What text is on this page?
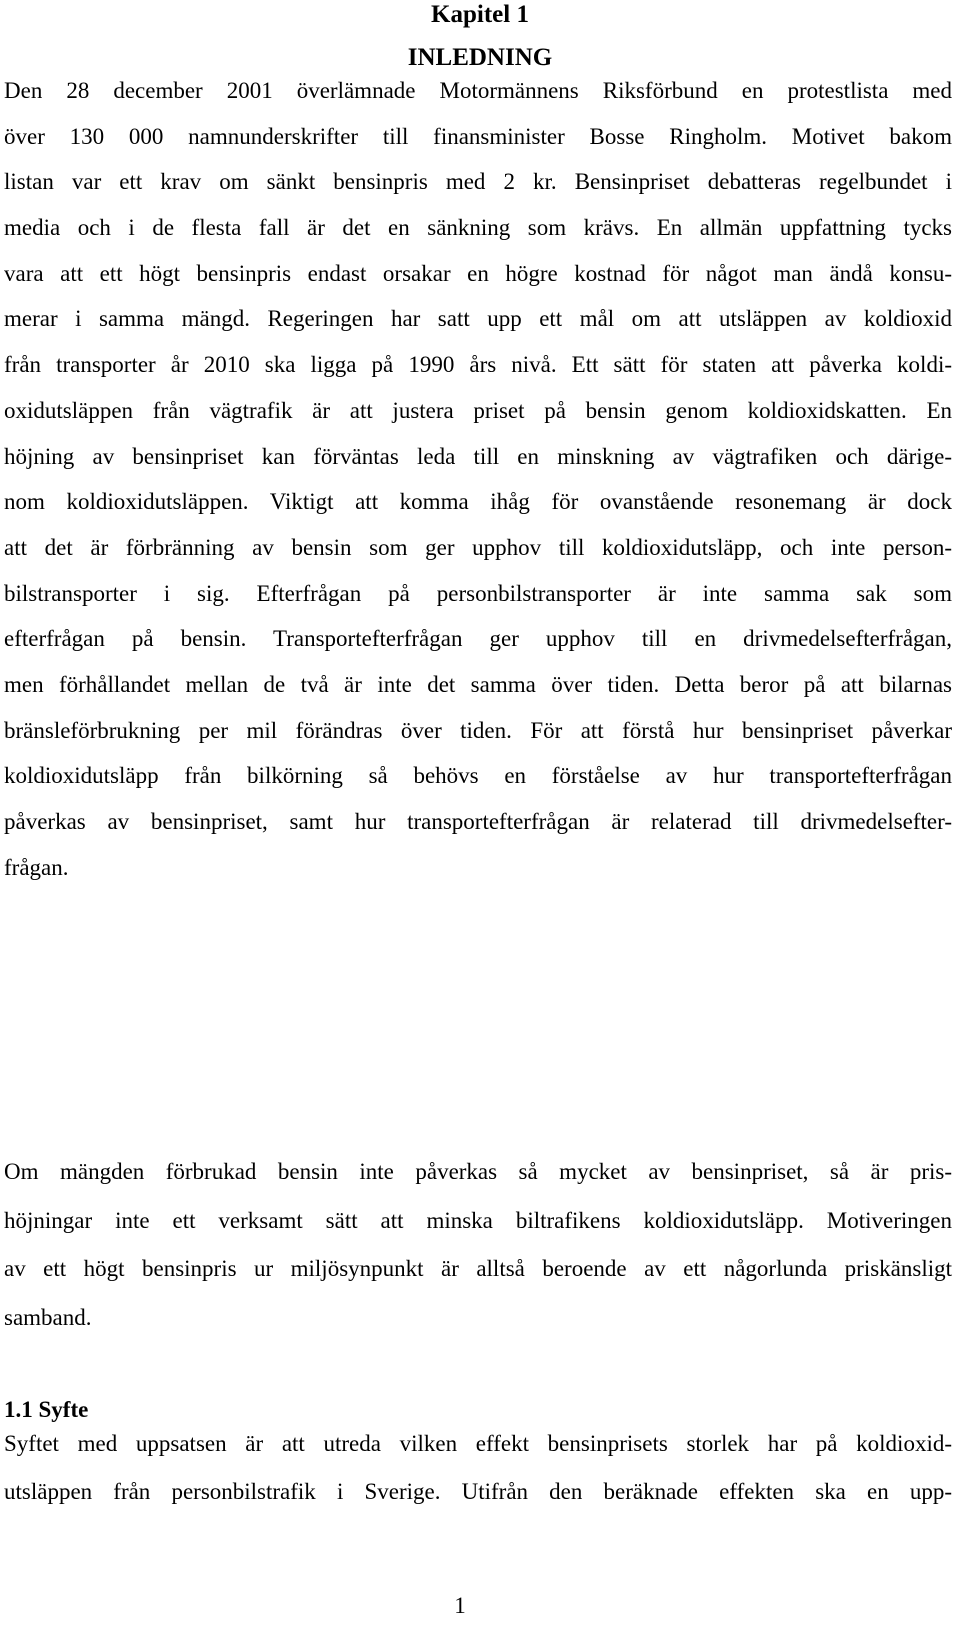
Kapitel 1
INLEDNING
Den 28 december 2001 överlämnade Motormännens Riksförbund en protestlista med
över 130 000 namnunderskrifter till finansminister Bosse Ringholm. Motivet bakom
listan var ett krav om sänkt bensinpris med 2 kr. Bensinpriset debatteras regelbundet i
media och i de flesta fall är det en sänkning som krävs. En allmän uppfattning tycks
vara att ett högt bensinpris endast orsakar en högre kostnad för något man ändå konsu-
merar i samma mängd. Regeringen har satt upp ett mål om att utsläppen av koldioxid
från transporter år 2010 ska ligga på 1990 års nivå. Ett sätt för staten att påverka koldi-
oxidutsläppen från vägtrafik är att justera priset på bensin genom koldioxidskatten. En
höjning av bensinpriset kan förväntas leda till en minskning av vägtrafiken och därige-
nom koldioxidutsläppen. Viktigt att komma ihåg för ovanstående resonemang är dock
att det är förbränning av bensin som ger upphov till koldioxidutsläpp, och inte person-
bilstransporter i sig. Efterfrågan på personbilstransporter är inte samma sak som
efterfrågan på bensin. Transportefterfrågan ger upphov till en drivmedelsefterfrågan,
men förhållandet mellan de två är inte det samma över tiden. Detta beror på att bilarnas
bränsleförbrukning per mil förändras över tiden. För att förstå hur bensinpriset påverkar
koldioxidutsläpp från bilkörning så behövs en förståelse av hur transportefterfrågan
påverkas av bensinpriset, samt hur transportefterfrågan är relaterad till drivmedelsefter-
frågan.
Om mängden förbrukad bensin inte påverkas så mycket av bensinpriset, så är pris-
höjningar inte ett verksamt sätt att minska biltrafikens koldioxidutsläpp. Motiveringen
av ett högt bensinpris ur miljösynpunkt är alltså beroende av ett någorlunda priskänsligt
samband.
1.1 Syfte
Syftet med uppsatsen är att utreda vilken effekt bensinprisets storlek har på koldioxid-
utsläppen från personbilstrafik i Sverige. Utifrån den beräknade effekten ska en upp-
1
